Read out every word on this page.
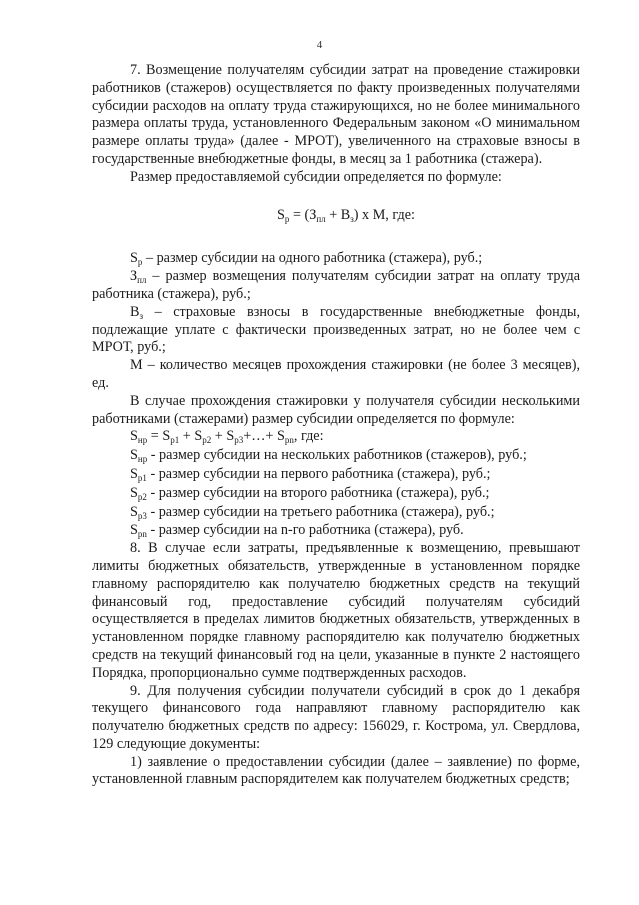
4

7. Возмещение получателям субсидии затрат на проведение стажировки работников (стажеров) осуществляется по факту произведенных получателями субсидии расходов на оплату труда стажирующихся, но не более минимального размера оплаты труда, установленного Федеральным законом «О минимальном размере оплаты труда» (далее - МРОТ), увеличенного на страховые взносы в государственные внебюджетные фонды, в месяц за 1 работника (стажера).

Размер предоставляемой субсидии определяется по формуле:

$S_р = (З_{пл} + В_з)$ x M, где:

$S_р$ – размер субсидии на одного работника (стажера), руб.;

$З_{пл}$ – размер возмещения получателям субсидии затрат на оплату труда работника (стажера), руб.;

$В_з$ – страховые взносы в государственные внебюджетные фонды, подлежащие уплате с фактически произведенных затрат, но не более чем с МРОТ, руб.;

M – количество месяцев прохождения стажировки (не более 3 месяцев), ед.

В случае прохождения стажировки у получателя субсидии несколькими работниками (стажерами) размер субсидии определяется по формуле:

$S_{нр} = S_{р1} + S_{р2}$ + $S_{р3}+\dots+ S_{рn}$, где:

$S_{нр}$ - размер субсидии на нескольких работников (стажеров), руб.;

$S_{р1}$ - размер субсидии на первого работника (стажера), руб.;

$S_{р2}$ - размер субсидии на второго работника (стажера), руб.;

$S_{р3}$ - размер субсидии на третьего работника (стажера), руб.;

$S_{рn}$ - размер субсидии на n-го работника (стажера), руб.

8. В случае если затраты, предъявленные к возмещению, превышают лимиты бюджетных обязательств, утвержденные в установленном порядке главному распорядителю как получателю бюджетных средств на текущий финансовый год, предоставление субсидий получателям субсидий осуществляется в пределах лимитов бюджетных обязательств, утвержденных в установленном порядке главному распорядителю как получателю бюджетных средств на текущий финансовый год на цели, указанные в пункте 2 настоящего Порядка, пропорционально сумме подтвержденных расходов.

9. Для получения субсидии получатели субсидий в срок до 1 декабря текущего финансового года направляют главному распорядителю как получателю бюджетных средств по адресу: 156029, г. Кострома, ул. Свердлова, 129 следующие документы:

1) заявление о предоставлении субсидии (далее – заявление) по форме, установленной главным распорядителем как получателем бюджетных средств;
